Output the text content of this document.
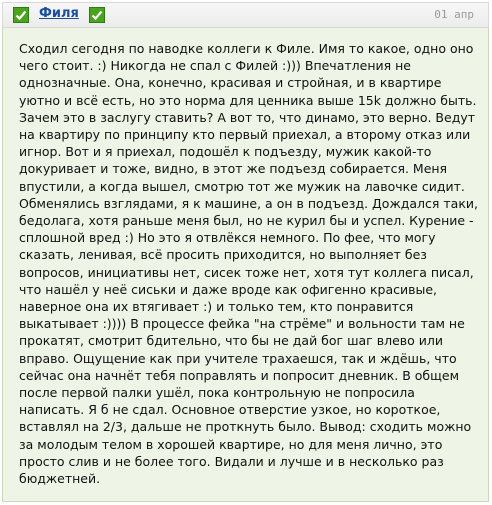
Филя	01 апр

Сходил сегодня по наводке коллеги к Филе. Имя то какое, одно оно чего стоит. :) Никогда не спал с Филей :))) Впечатления не однозначные. Она, конечно, красивая и стройная, и в квартире уютно и всё есть, но это норма для ценника выше 15k должно быть. Зачем это в заслугу ставить? А вот то, что динамо, это верно. Ведут на квартиру по принципу кто первый приехал, а второму отказ или игнор. Вот и я приехал, подошёл к подъезду, мужик какой-то докуривает и тоже, видно, в этот же подъезд собирается. Меня впустили, а когда вышел, смотрю тот же мужик на лавочке сидит. Обменялись взглядами, я к машине, а он в подъезд. Дождался таки, бедолага, хотя раньше меня был, но не курил бы и успел. Курение - сплошной вред :) Но это я отвлёкся немного. По фее, что могу сказать, ленивая, всё просить приходится, но выполняет без вопросов, инициативы нет, сисек тоже нет, хотя тут коллега писал, что нашёл у неё сиськи и даже вроде как офигенно красивые, наверное она их втягивает :) и только тем, кто понравится выкатывает :)))) В процессе фейка "на стрёме" и вольности там не прокатят, смотрит бдительно, что бы не дай бог шаг влево или вправо. Ощущение как при учителе трахаешся, так и ждёшь, что сейчас она начнёт тебя поправлять и попросит дневник. В общем после первой палки ушёл, пока контрольную не попросила написать. Я б не сдал. Основное отверстие узкое, но короткое, вставлял на 2/3, дальше не проткнуть было. Вывод: сходить можно за молодым телом в хорошей квартире, но для меня лично, это просто слив и не более того. Видали и лучше и в несколько раз бюджетней.
